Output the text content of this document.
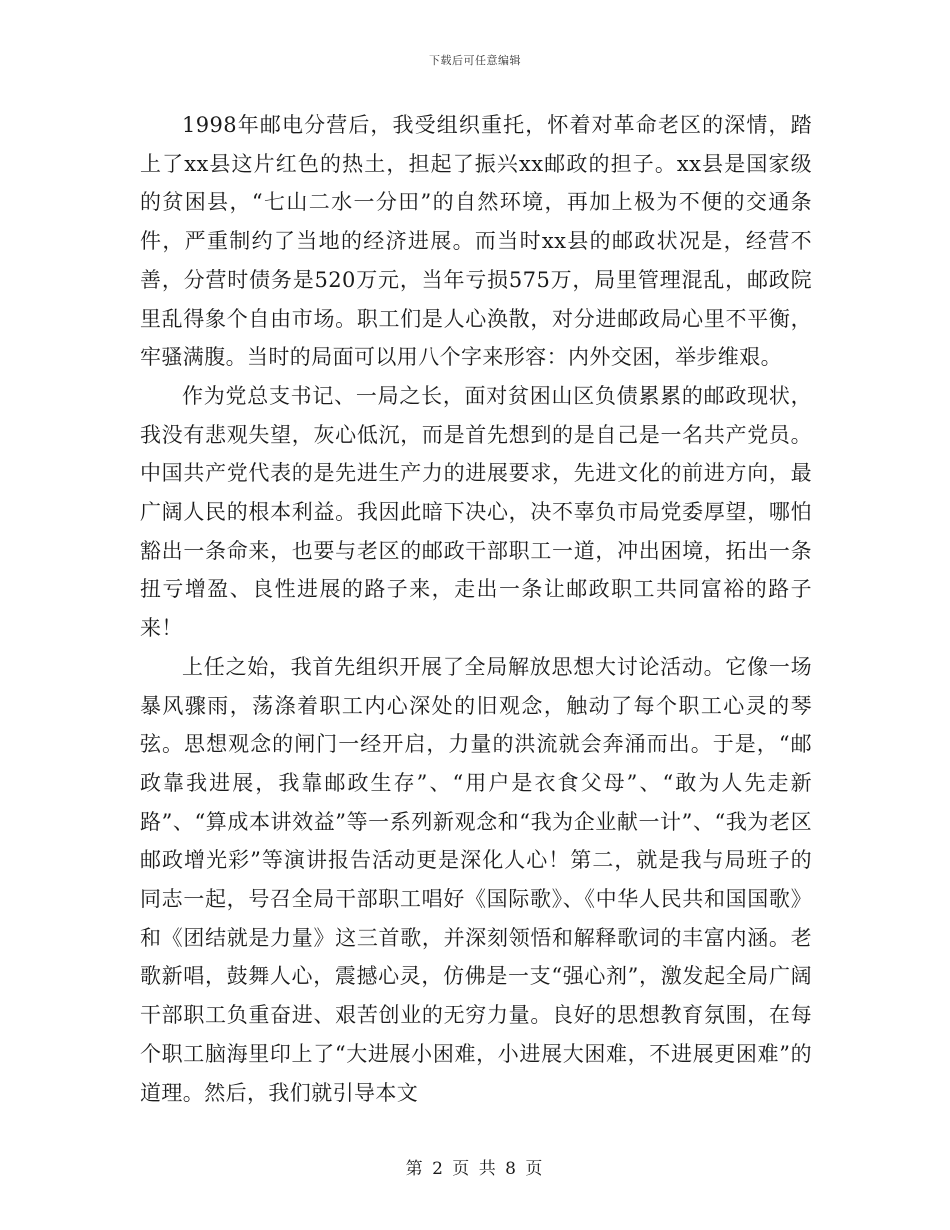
下载后可任意编辑

1998年邮电分营后，我受组织重托，怀着对革命老区的深情，踏上了xx县这片红色的热土，担起了振兴xx邮政的担子。xx县是国家级的贫困县，“七山二水一分田”的自然环境，再加上极为不便的交通条件，严重制约了当地的经济进展。而当时xx县的邮政状况是，经营不善，分营时债务是520万元，当年亏损575万，局里管理混乱，邮政院里乱得象个自由市场。职工们是人心涣散，对分进邮政局心里不平衡，牢骚满腹。当时的局面可以用八个字来形容：内外交困，举步维艰。

作为党总支书记、一局之长，面对贫困山区负债累累的邮政现状，我没有悲观失望，灰心低沉，而是首先想到的是自己是一名共产党员。中国共产党代表的是先进生产力的进展要求，先进文化的前进方向，最广阔人民的根本利益。我因此暗下决心，决不辜负市局党委厚望，哪怕豁出一条命来，也要与老区的邮政干部职工一道，冲出困境，拓出一条扭亏增盈、良性进展的路子来，走出一条让邮政职工共同富裕的路子来！

上任之始，我首先组织开展了全局解放思想大讨论活动。它像一场暴风骤雨，荡涤着职工内心深处的旧观念，触动了每个职工心灵的琴弦。思想观念的闸门一经开启，力量的洪流就会奔涌而出。于是，“邮政靠我进展，我靠邮政生存”、“用户是衣食父母”、“敢为人先走新路”、“算成本讲效益”等一系列新观念和“我为企业献一计”、“我为老区邮政增光彩”等演讲报告活动更是深化人心！第二，就是我与局班子的同志一起，号召全局干部职工唱好《国际歌》、《中华人民共和国国歌》和《团结就是力量》这三首歌，并深刻领悟和解释歌词的丰富内涵。老歌新唱，鼓舞人心，震撼心灵，仿佛是一支“强心剂”，激发起全局广阔干部职工负重奋进、艰苦创业的无穷力量。良好的思想教育氛围，在每个职工脑海里印上了“大进展小困难，小进展大困难，不进展更困难”的道理。然后，我们就引导本文

第 2 页 共 8 页
